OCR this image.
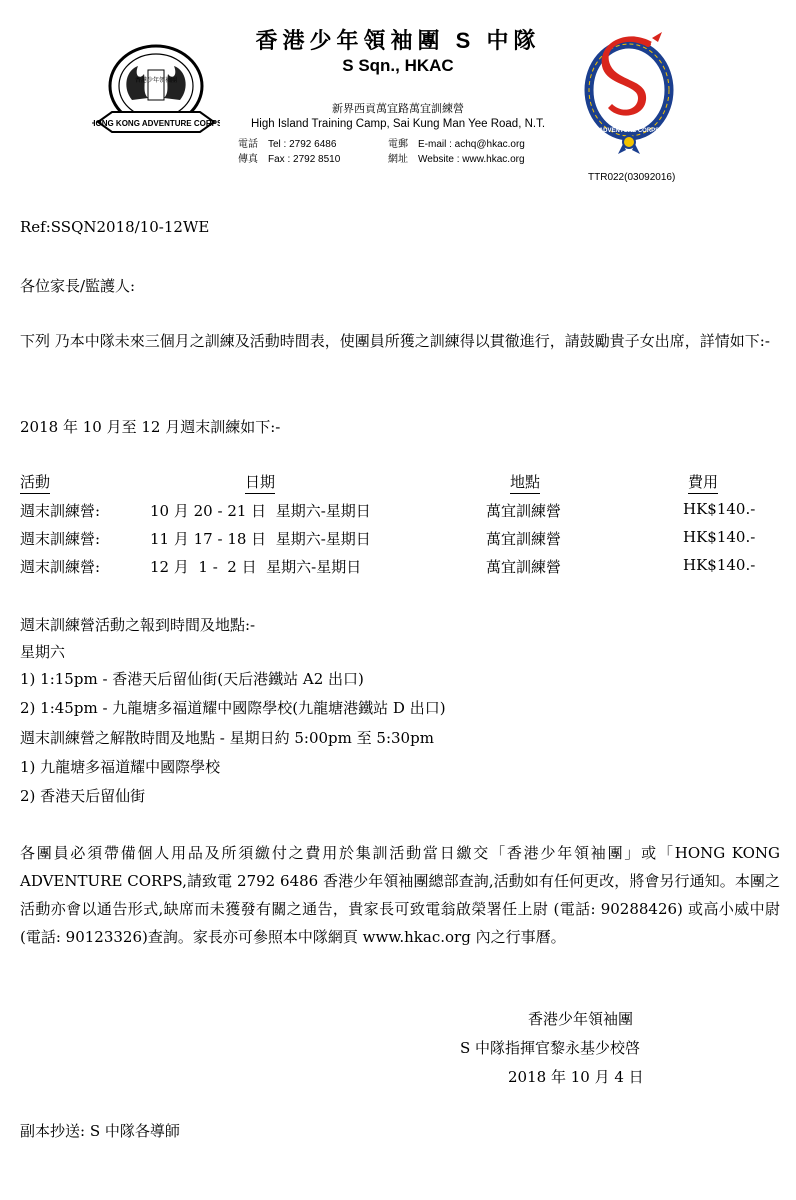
香港少年領袖團
HONG KONG ADVENTURE CORPS
香港少年領袖團 S 中隊
S Sqn., HKAC
新界西貢萬宜路萬宜訓練營
High Island Training Camp, Sai Kung Man Yee Road, N.T.
電話 Tel : 2792 6486
傳真 Fax : 2792 8510
電郵 E-mail : achq@hkac.org
網址 Website : www.hkac.org
ADVENTURE CORPS
TTR022(03092016)
Ref:SSQN2018/10-12WE
各位家長/監護人:
下列 乃本中隊未來三個月之訓練及活動時間表，使團員所獲之訓練得以貫徹進行，請鼓勵貴子女出席，詳情如下:-
2018 年 10 月至 12 月週末訓練如下:-
活動	日期	地點	費用
週末訓練營:	10 月 20 - 21 日  星期六-星期日	萬宜訓練營	HK$140.-
週末訓練營:	11 月 17 - 18 日  星期六-星期日	萬宜訓練營	HK$140.-
週末訓練營:	12 月  1 -  2 日  星期六-星期日	萬宜訓練營	HK$140.-
週末訓練營活動之報到時間及地點:-
星期六
1) 1:15pm - 香港天后留仙街(天后港鐵站 A2 出口)
2) 1:45pm - 九龍塘多福道耀中國際學校(九龍塘港鐵站 D 出口)
週末訓練營之解散時間及地點 - 星期日約 5:00pm 至 5:30pm
1) 九龍塘多福道耀中國際學校
2) 香港天后留仙街
各團員必須帶備個人用品及所須繳付之費用於集訓活動當日繳交「香港少年領袖團」或「HONG KONG ADVENTURE CORPS,請致電 2792 6486 香港少年領袖團總部查詢,活動如有任何更改，將會另行通知。本團之活動亦會以通告形式,缺席而未獲發有關之通告，貴家長可致電翁啟榮署任上尉 (電話: 90288426) 或高小威中尉 (電話: 90123326)查詢。家長亦可參照本中隊網頁 www.hkac.org 內之行事曆。
香港少年領袖團
S 中隊指揮官黎永基少校啓
2018 年 10 月 4 日
副本抄送: S 中隊各導師
